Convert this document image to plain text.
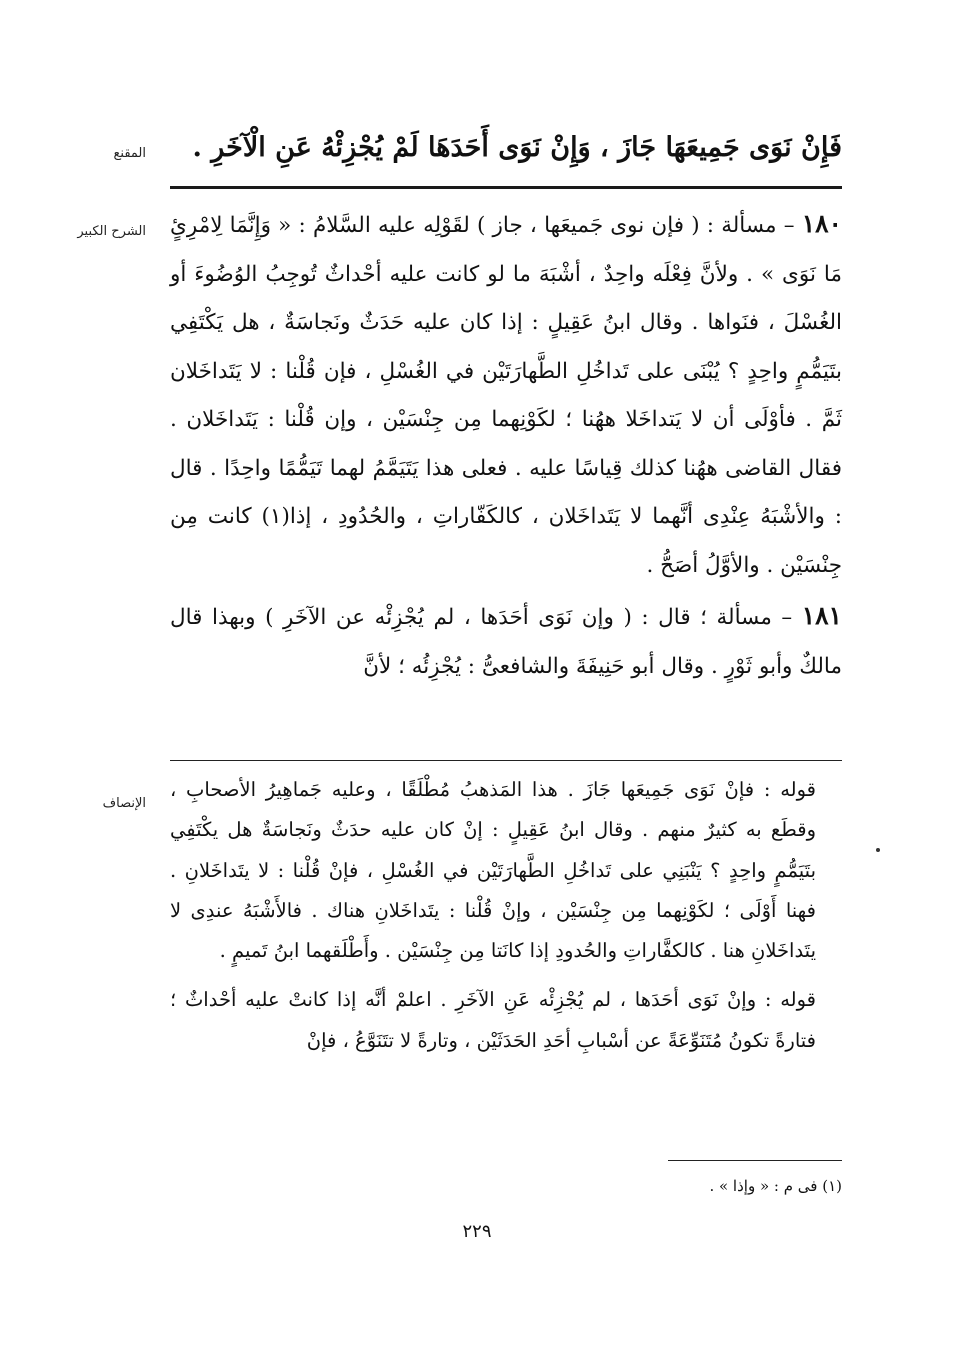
المقنع	فَإِنْ نَوَى جَمِيعَهَا جَازَ ، وَإِنْ نَوَى أَحَدَهَا لَمْ يُجْزِئْهُ عَنِ الْآخَرِ .
الشرح الكبير	١٨٠ – مسألة : ( فإن نوى جَميعَها ، جاز ) لقَوْلِه عليه السَّلامُ : « وَإِنَّمَا لِامْرِئٍ مَا نَوَى » . ولأنَّ فِعْلَه واحِدٌ ، أشْبَهَ ما لو كانت عليه أحْداثٌ تُوجِبُ الوُضُوءَ أو الغُسْلَ ، فنَواها . وقال ابنُ عَقِيلٍ : إذا كان عليه حَدَثٌ ونَجاسَةٌ ، هل يَكْتَفِي بتَيَمُّمٍ واحِدٍ ؟ يُبْنَى على تَداخُلِ الطَّهارَتَيْن في الغُسْلِ ، فإن قُلْنا : لا يَتَداخَلان ثَمَّ . فأوْلَى أن لا يَتداخَلا ههُنا ؛ لكَوْنِهما مِن جِنْسَيْن ، وإن قُلْنا : يَتَداخَلان . فقال القاضى ههُنا كذلك قِياسًا عليه . فعلى هذا يَتَيَمَّمُ لهما تَيَمُّمًا واحِدًا . قال : والأشْبَهُ عِنْدِى أنَّهما لا يَتَداخَلان ، كالكَفّاراتِ ، والحُدُودِ ، إذا(١) كانت مِن جِنْسَيْن . والأوَّلُ أصَحُّ .

١٨١ – مسألة ؛ قال : ( وإن نَوَى أحَدَها ، لم يُجْزِئْه عن الآخَرِ ) وبهذا قال مالكٌ وأبو ثَوْرٍ . وقال أبو حَنِيفَةَ والشافعىُّ : يُجْزِئُه ؛ لأنَّ

الإنصاف

قوله : فإنْ نَوَى جَمِيعَها جَازَ . هذا المَذهبُ مُطْلَقًا ، وعليه جَماهِيرُ الأصحابِ ، وقطَع به كثيرٌ منهم . وقال ابنُ عَقِيلٍ : إنْ كان عليه حدَثٌ ونَجاسَةٌ هل يكْتَفِي بتَيَمُّمٍ واحِدٍ ؟ يَنْبَنِي على تَداخُلِ الطَّهارَتَيْن في الغُسْلِ ، فإنْ قُلْنا : لا يتَداخَلانِ . فهنا أَوْلَى ؛ لكَوْنِهما مِن جِنْسَيْن ، وإنْ قُلْنا : يتَداخَلانِ هناك . فالأَشْبَهُ عندِى لا يتَداخَلانِ هنا . كالكفَّاراتِ والحُدودِ إذا كانَتا مِن جِنْسَيْن . وأَطْلَقهما ابنُ تَميمٍ .

قوله : وإنْ نَوَى أحَدَها ، لم يُجْزِئْه عَنِ الآخَرِ . اعلمْ أنَّه إذا كانتْ عليه أحْداثٌ ؛ فتارةً تكونُ مُتَنَوِّعَةً عن أسْبابِ أحَدِ الحَدَثَيْن ، وتارةً لا تتَنَوَّعُ ، فإنْ

(١) فى م : « وإذا » .

٢٢٩
